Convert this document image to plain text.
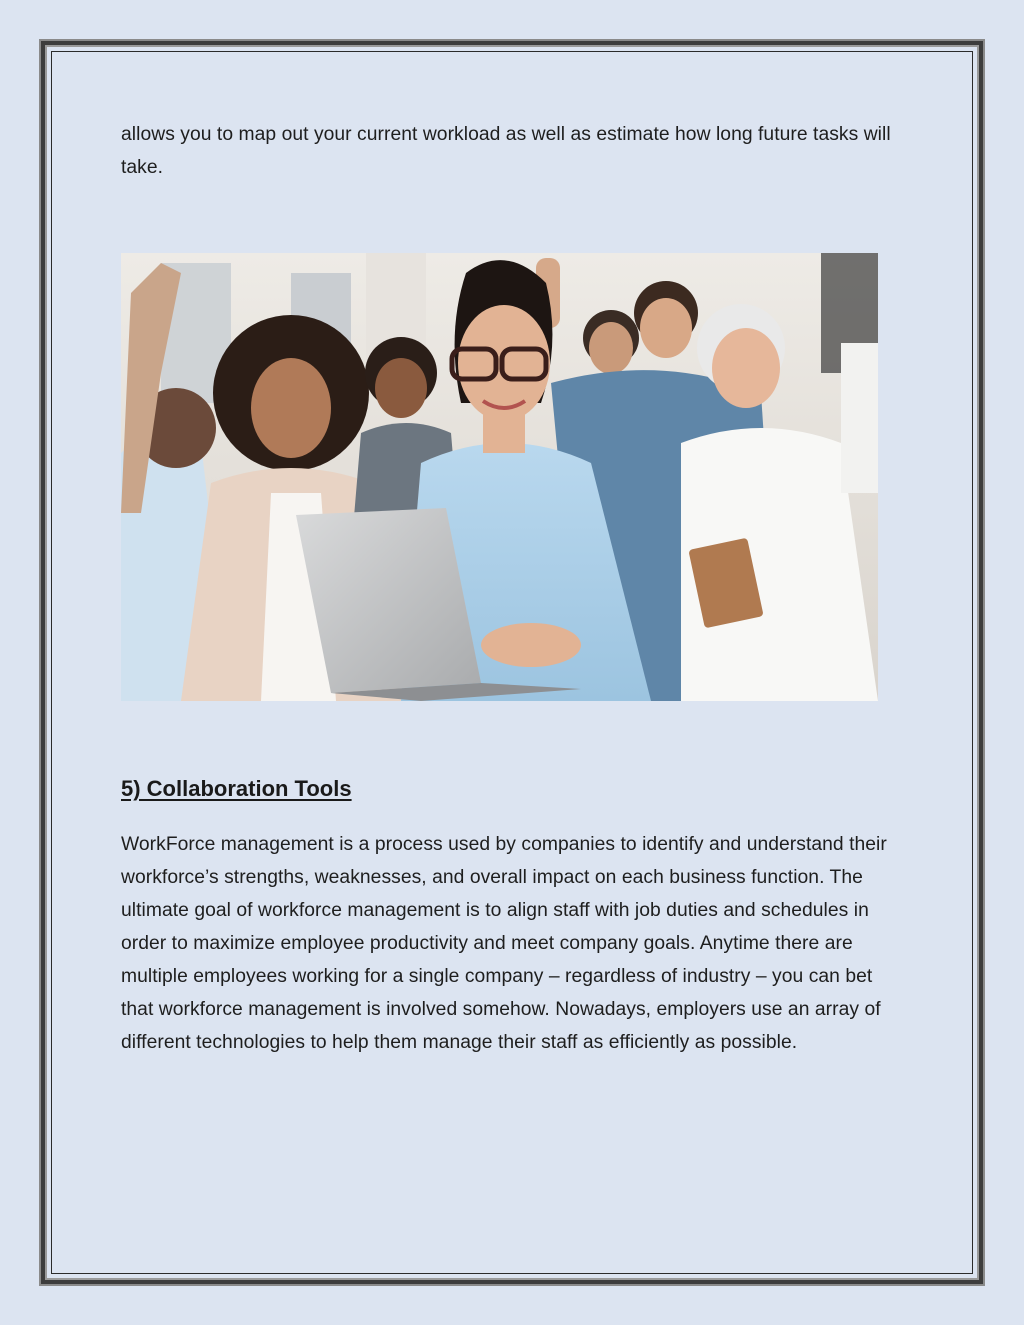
allows you to map out your current workload as well as estimate how long future tasks will take.
5) Collaboration Tools
WorkForce management is a process used by companies to identify and understand their workforce’s strengths, weaknesses, and overall impact on each business function. The ultimate goal of workforce management is to align staff with job duties and schedules in order to maximize employee productivity and meet company goals. Anytime there are multiple employees working for a single company – regardless of industry – you can bet that workforce management is involved somehow. Nowadays, employers use an array of different technologies to help them manage their staff as efficiently as possible.
